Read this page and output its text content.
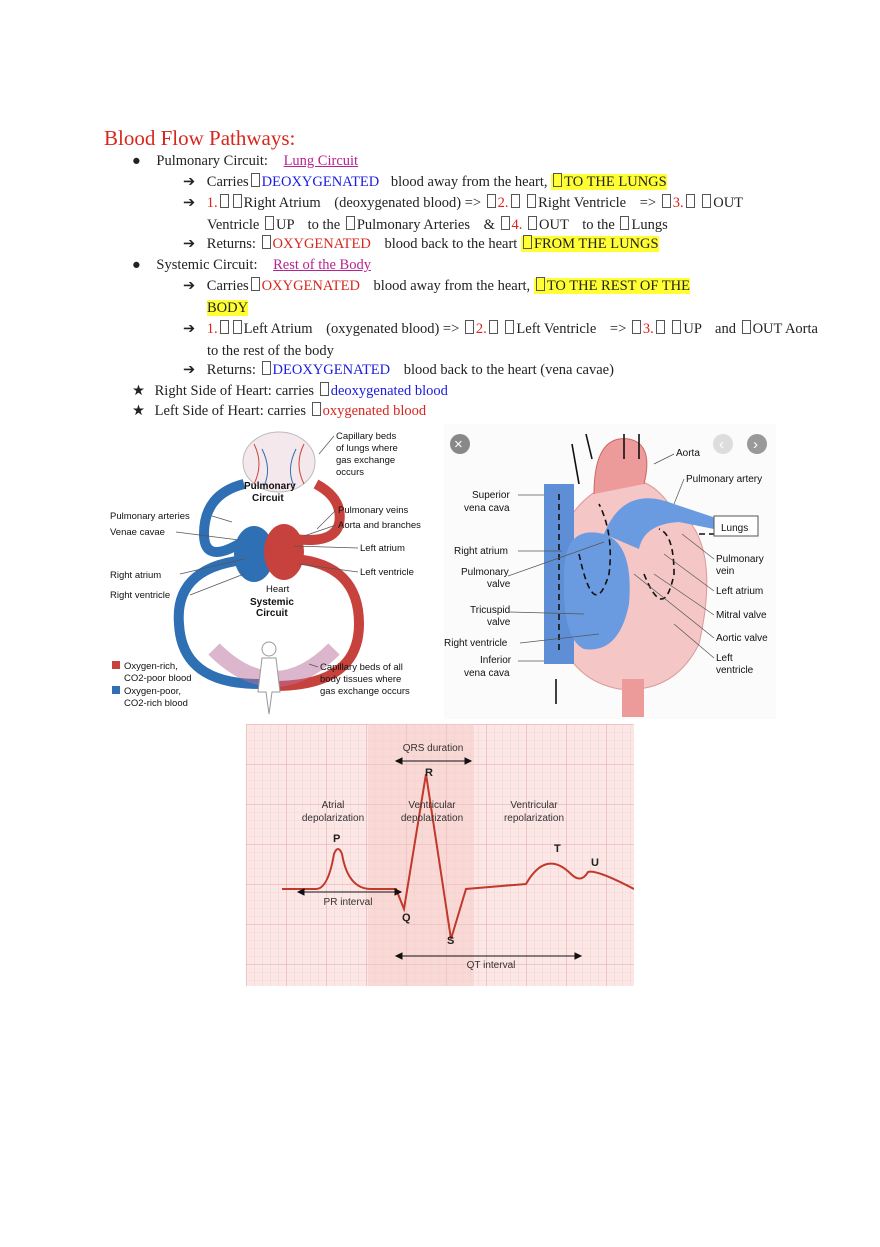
Blood Flow Pathways:
● Pulmonary Circuit: Lung Circuit
➔ Carries DEOXYGENATED blood away from the heart, TO THE LUNGS
➔ 1. Right Atrium (deoxygenated blood) => 2. Right Ventricle => 3. OUT
Ventricle UP to the Pulmonary Arteries & 4. OUT to the Lungs
➔ Returns: OXYGENATED blood back to the heart FROM THE LUNGS
● Systemic Circuit: Rest of the Body
➔ Carries OXYGENATED blood away from the heart, TO THE REST OF THE
BODY
➔ 1. Left Atrium (oxygenated blood) => 2. Left Ventricle => 3. UP and OUT Aorta
to the rest of the body
➔ Returns: DEOXYGENATED blood back to the heart (vena cavae)
★ Right Side of Heart: carries deoxygenated blood
★ Left Side of Heart: carries oxygenated blood
Capillary beds
of lungs where
gas exchange
occurs
Pulmonary
Circuit
Pulmonary arteries
Venae cavae
Pulmonary veins
Aorta and branches
Left atrium
Right atrium	Left ventricle
Right ventricle
Heart
Systemic
Circuit
Capillary beds of all
body tissues where
gas exchange occurs
Oxygen-rich,
CO2-poor blood
Oxygen-poor,
CO2-rich blood
Lungs
×	‹ ›
Aorta
Pulmonary artery
Superior
vena cava
Right atrium
Pulmonary
vein
Pulmonary
valve
Left atrium
Tricuspid
valve
Mitral valve
Right ventricle	Aortic valve
Inferior
vena cava
Left
ventricle
QRS duration
Atrial
depolarization
Ventricular
depolarization
Ventricular
repolarization
PR interval
QT interval
P
R
Q
S
T
U
